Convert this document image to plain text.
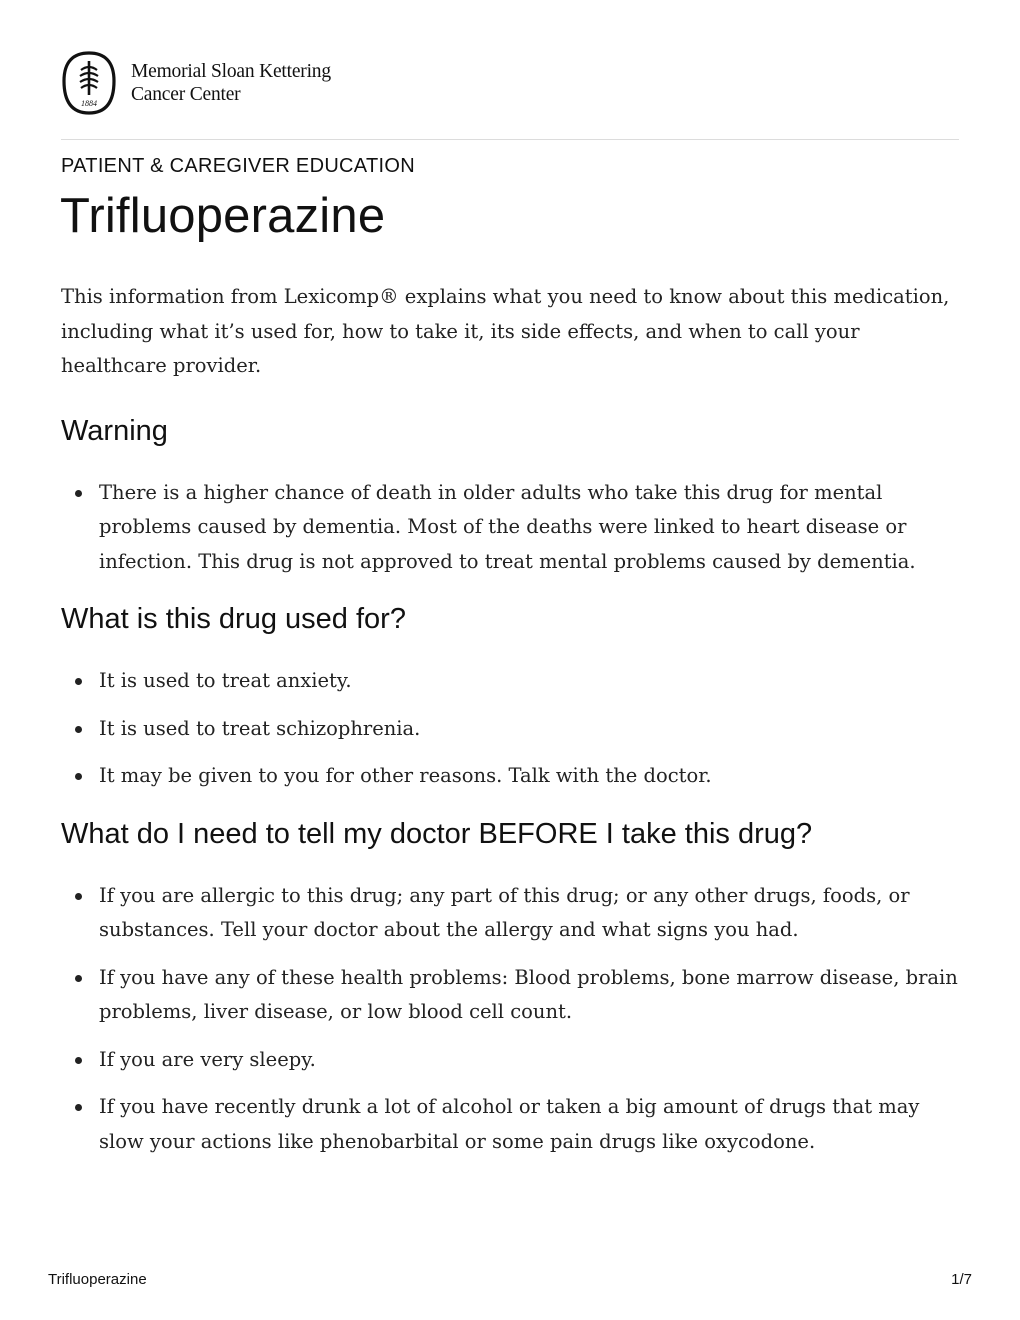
1884
Memorial Sloan Kettering
Cancer Center
PATIENT & CAREGIVER EDUCATION
Trifluoperazine

This information from Lexicomp® explains what you need to know about this medication, including what it’s used for, how to take it, its side effects, and when to call your healthcare provider.

Warning
There is a higher chance of death in older adults who take this drug for mental problems caused by dementia. Most of the deaths were linked to heart disease or infection. This drug is not approved to treat mental problems caused by dementia.
What is this drug used for?
It is used to treat anxiety.
It is used to treat schizophrenia.
It may be given to you for other reasons. Talk with the doctor.
What do I need to tell my doctor BEFORE I take this drug?
If you are allergic to this drug; any part of this drug; or any other drugs, foods, or substances. Tell your doctor about the allergy and what signs you had.
If you have any of these health problems: Blood problems, bone marrow disease, brain problems, liver disease, or low blood cell count.
If you are very sleepy.
If you have recently drunk a lot of alcohol or taken a big amount of drugs that may slow your actions like phenobarbital or some pain drugs like oxycodone.
Trifluoperazine	1/7
